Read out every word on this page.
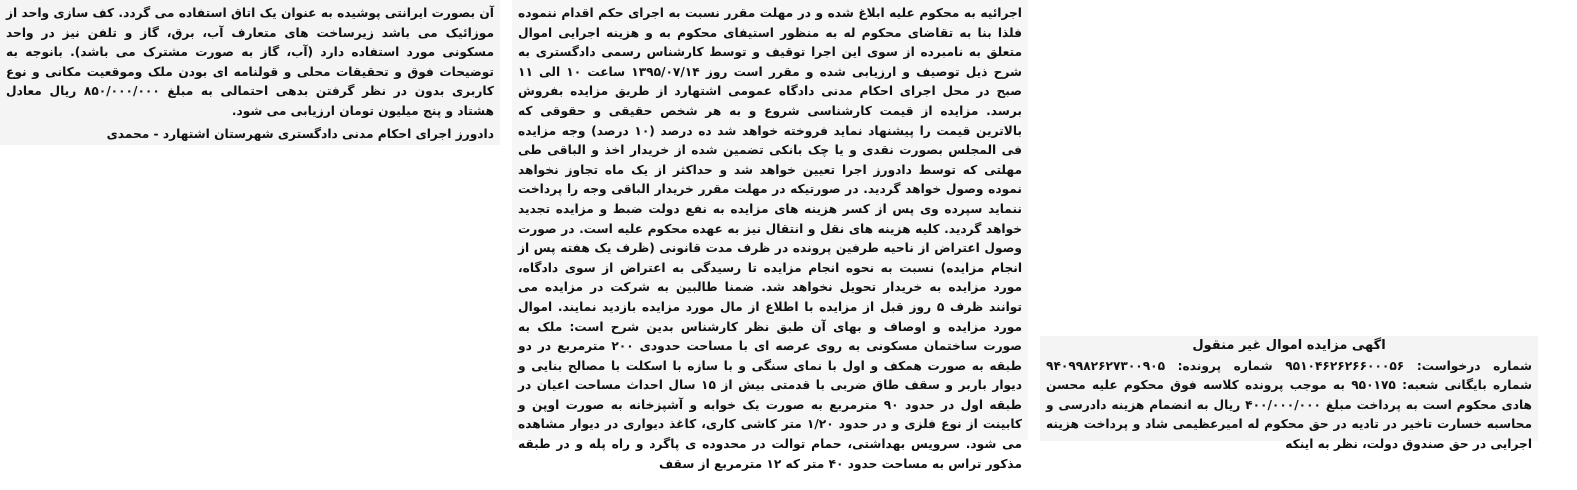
اگهی مزایده اموال غیر منقول
شماره درخواست: ۹۵۱۰۴۶۲۶۲۶۶۰۰۰۵۶ شماره پرونده: ۹۴۰۹۹۸۲۶۲۷۳۰۰۹۰۵ شماره بایگانی شعبه: ۹۵۰۱۷۵ به موجب پرونده کلاسه فوق محکوم علیه محسن هادی محکوم است به پرداخت مبلغ ۴۰۰/۰۰۰/۰۰۰ ریال به انضمام هزینه دادرسی و محاسبه خسارت تاخیر در تادیه در حق محکوم له امیرعظیمی شاد و پرداخت هزینه اجرایی در حق صندوق دولت، نظر به اینکه
اجرائیه به محکوم علیه ابلاغ شده و در مهلت مقرر نسبت به اجرای حکم اقدام ننموده فلذا بنا به تقاضای محکوم له به منظور استیفای محکوم به و هزینه اجرایی اموال متعلق به نامبرده از سوی این اجرا توقیف و توسط کارشناس رسمی دادگستری به شرح ذیل توصیف و ارزیابی شده و مقرر است روز ۱۳۹۵/۰۷/۱۴ ساعت ۱۰ الی ۱۱ صبح در محل اجرای احکام مدنی دادگاه عمومی اشتهارد از طریق مزایده بفروش برسد. مزایده از قیمت کارشناسی شروع و به هر شخص حقیقی و حقوقی که بالاترین قیمت را پیشنهاد نماید فروخته خواهد شد ده درصد (۱۰ درصد) وجه مزایده فی المجلس بصورت نقدی و یا چک بانکی تضمین شده از خریدار اخذ و الباقی طی مهلتی که توسط دادورز اجرا تعیین خواهد شد و حداکثر از یک ماه تجاوز نخواهد نموده وصول خواهد گردید. در صورتیکه در مهلت مقرر خریدار الباقی وجه را پرداخت ننماید سپرده وی پس از کسر هزینه های مزایده به نفع دولت ضبط و مزایده تجدید خواهد گردید. کلیه هزینه های نقل و انتقال نیز به عهده محکوم علیه است. در صورت وصول اعتراض از ناحیه طرفین پرونده در ظرف مدت قانونی (ظرف یک هفته پس از انجام مزایده) نسبت به نحوه انجام مزایده تا رسیدگی به اعتراض از سوی دادگاه، مورد مزایده به خریدار تحویل نخواهد شد. ضمنا طالبین به شرکت در مزایده می توانند ظرف ۵ روز قبل از مزایده با اطلاع از مال مورد مزایده بازدید نمایند. اموال مورد مزایده و اوصاف و بهای آن طبق نظر کارشناس بدین شرح است: ملک به صورت ساختمان مسکونی به روی عرصه ای با مساحت حدودی ۲۰۰ مترمربع در دو طبقه به صورت همکف و اول با نمای سنگی و با سازه با اسکلت با مصالح بنایی و دیوار باربر و سقف طاق ضربی با قدمتی بیش از ۱۵ سال احداث مساحت اعیان در طبقه اول در حدود ۹۰ مترمربع به صورت یک خوابه و آشپزخانه به صورت اوپن و کابینت از نوع فلزی و در حدود ۱/۲۰ متر کاشی کاری، کاغذ دیواری در دیوار مشاهده می شود. سرویس بهداشتی، حمام توالت در محدوده ی پاگرد و راه پله و در طبقه مذکور تراس به مساحت حدود ۴۰ متر که ۱۲ مترمربع از سقف
آن بصورت ایرانتی پوشیده به عنوان یک اتاق استفاده می گردد. کف سازی واحد از موزائیک می باشد زیرساخت های متعارف آب، برق، گاز و تلفن نیز در واحد مسکونی مورد استفاده دارد (آب، گاز به صورت مشترک می باشد). بانوجه به توضیحات فوق و تحقیقات محلی و قولنامه ای بودن ملک وموقعیت مکانی و نوع کاربری بدون در نظر گرفتن بدهی احتمالی به مبلغ ۸۵۰/۰۰۰/۰۰۰ ریال معادل هشتاد و پنج میلیون تومان ارزیابی می شود.
دادورز اجرای احکام مدنی دادگستری شهرستان اشتهارد - محمدی
